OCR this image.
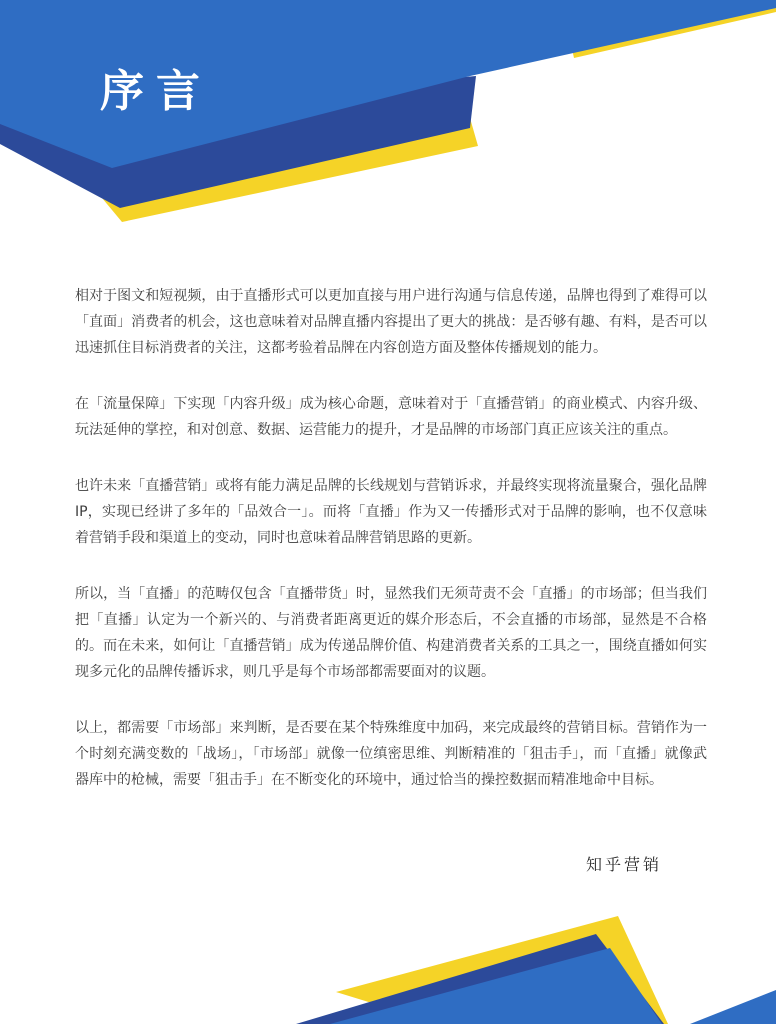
序言

相对于图文和短视频，由于直播形式可以更加直接与用户进行沟通与信息传递，品牌也得到了难得可以「直面」消费者的机会，这也意味着对品牌直播内容提出了更大的挑战：是否够有趣、有料，是否可以迅速抓住目标消费者的关注，这都考验着品牌在内容创造方面及整体传播规划的能力。

在「流量保障」下实现「内容升级」成为核心命题，意味着对于「直播营销」的商业模式、内容升级、玩法延伸的掌控，和对创意、数据、运营能力的提升，才是品牌的市场部门真正应该关注的重点。

也许未来「直播营销」或将有能力满足品牌的长线规划与营销诉求，并最终实现将流量聚合，强化品牌 IP，实现已经讲了多年的「品效合一」。而将「直播」作为又一传播形式对于品牌的影响，也不仅意味着营销手段和渠道上的变动，同时也意味着品牌营销思路的更新。

所以，当「直播」的范畴仅包含「直播带货」时，显然我们无须苛责不会「直播」的市场部；但当我们把「直播」认定为一个新兴的、与消费者距离更近的媒介形态后，不会直播的市场部，显然是不合格的。而在未来，如何让「直播营销」成为传递品牌价值、构建消费者关系的工具之一，围绕直播如何实现多元化的品牌传播诉求，则几乎是每个市场部都需要面对的议题。

以上，都需要「市场部」来判断，是否要在某个特殊维度中加码，来完成最终的营销目标。营销作为一个时刻充满变数的「战场」，「市场部」就像一位缜密思维、判断精准的「狙击手」，而「直播」就像武器库中的枪械，需要「狙击手」在不断变化的环境中，通过恰当的操控数据而精准地命中目标。

知乎营销
